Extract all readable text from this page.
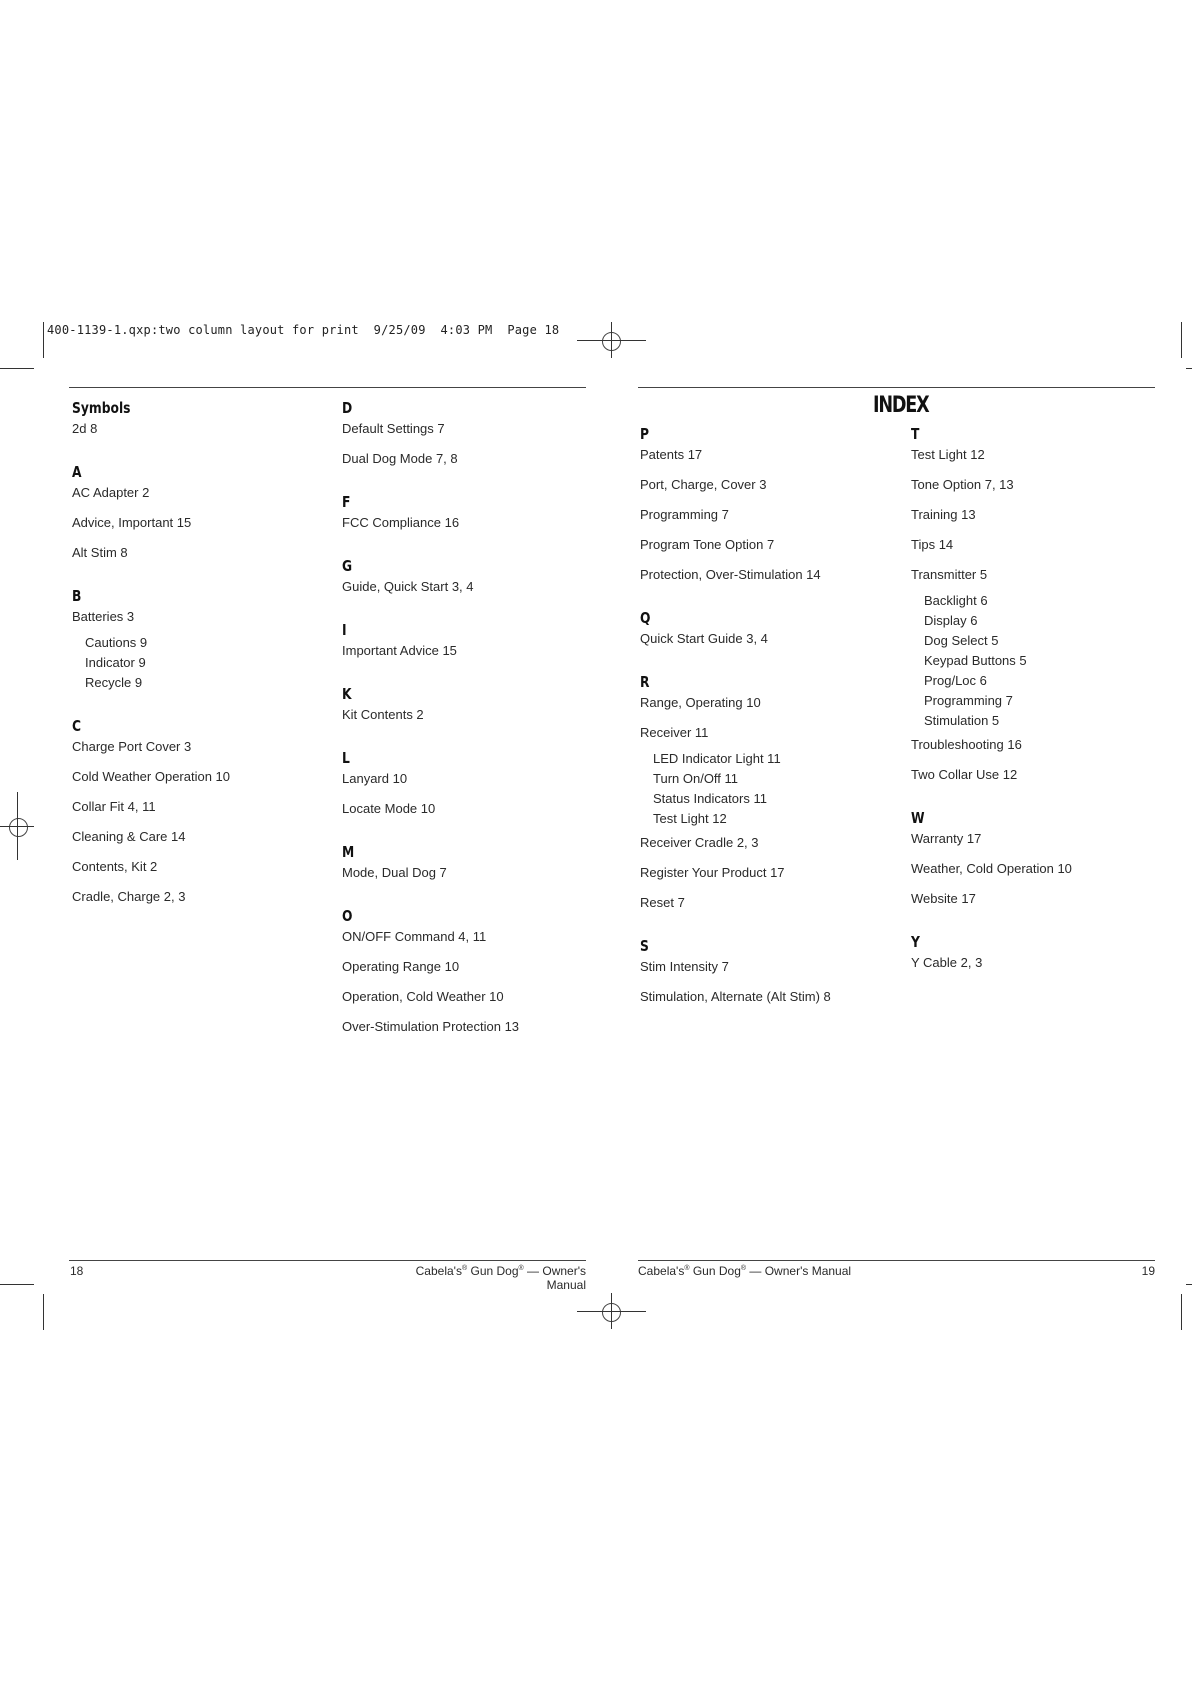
400-1139-1.qxp:two column layout for print  9/25/09  4:03 PM  Page 18
INDEX
Symbols
2d 8
A
AC Adapter 2
Advice, Important 15
Alt Stim 8
B
Batteries 3
Cautions 9
Indicator 9
Recycle 9
C
Charge Port Cover 3
Cold Weather Operation 10
Collar Fit 4, 11
Cleaning & Care 14
Contents, Kit 2
Cradle, Charge 2, 3
D
Default Settings 7
Dual Dog Mode 7, 8
F
FCC Compliance 16
G
Guide, Quick Start 3, 4
I
Important Advice 15
K
Kit Contents 2
L
Lanyard 10
Locate Mode 10
M
Mode, Dual Dog 7
O
ON/OFF Command 4, 11
Operating Range 10
Operation, Cold Weather 10
Over-Stimulation Protection 13
P
Patents 17
Port, Charge, Cover 3
Programming 7
Program Tone Option 7
Protection, Over-Stimulation 14
Q
Quick Start Guide 3, 4
R
Range, Operating 10
Receiver 11
LED Indicator Light 11
Turn On/Off 11
Status Indicators 11
Test Light 12
Receiver Cradle 2, 3
Register Your Product 17
Reset 7
S
Stim Intensity 7
Stimulation, Alternate (Alt Stim) 8
T
Test Light 12
Tone Option 7, 13
Training 13
Tips 14
Transmitter 5
Backlight 6
Display 6
Dog Select 5
Keypad Buttons 5
Prog/Loc 6
Programming 7
Stimulation 5
Troubleshooting 16
Two Collar Use 12
W
Warranty 17
Weather, Cold Operation 10
Website 17
Y
Y Cable 2, 3
18	Cabela's® Gun Dog® — Owner's Manual
Cabela's® Gun Dog® — Owner's Manual	19
